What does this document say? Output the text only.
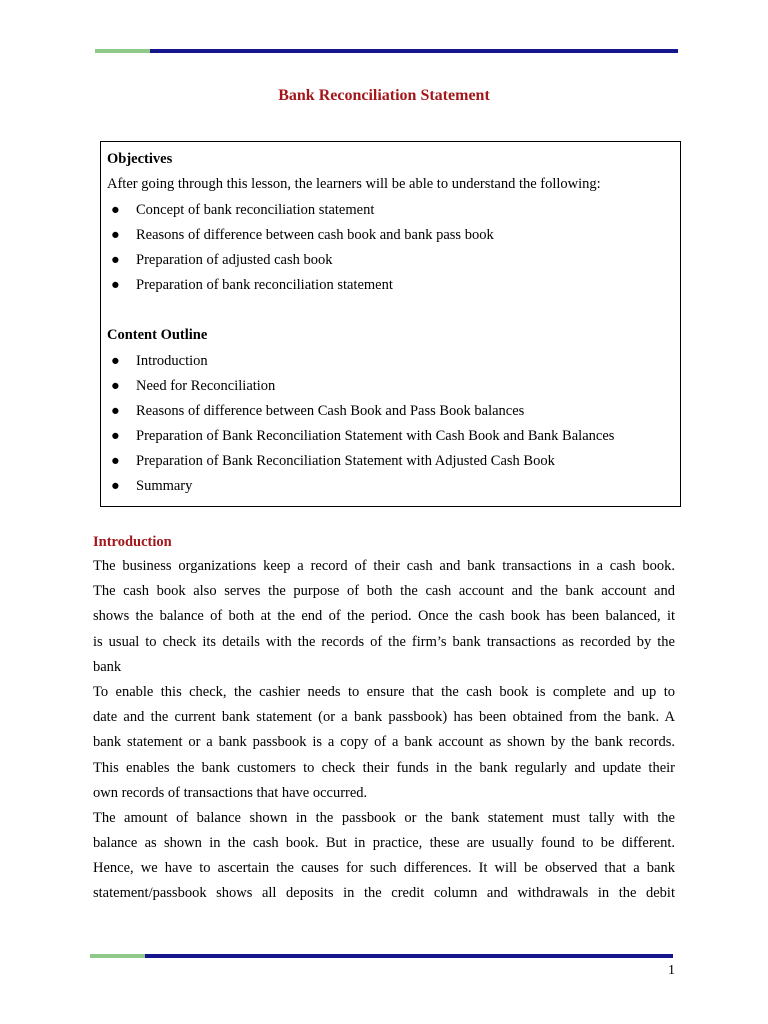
Bank Reconciliation Statement
Objectives
After going through this lesson, the learners will be able to understand the following:
● Concept of bank reconciliation statement
● Reasons of difference between cash book and bank pass book
● Preparation of adjusted cash book
● Preparation of bank reconciliation statement
Content Outline
● Introduction
● Need for Reconciliation
● Reasons of difference between Cash Book and Pass Book balances
● Preparation of Bank Reconciliation Statement with Cash Book and Bank Balances
● Preparation of Bank Reconciliation Statement with Adjusted Cash Book
● Summary
Introduction
The business organizations keep a record of their cash and bank transactions in a cash book.
The cash book also serves the purpose of both the cash account and the bank account and
shows the balance of both at the end of the period. Once the cash book has been balanced, it
is usual to check its details with the records of the firm’s bank transactions as recorded by the
bank
To enable this check, the cashier needs to ensure that the cash book is complete and up to
date and the current bank statement (or a bank passbook) has been obtained from the bank. A
bank statement or a bank passbook is a copy of a bank account as shown by the bank records.
This enables the bank customers to check their funds in the bank regularly and update their
own records of transactions that have occurred.
The amount of balance shown in the passbook or the bank statement must tally with the
balance as shown in the cash book. But in practice, these are usually found to be different.
Hence, we have to ascertain the causes for such differences. It will be observed that a bank
statement/passbook shows all deposits in the credit column and withdrawals in the debit
1
